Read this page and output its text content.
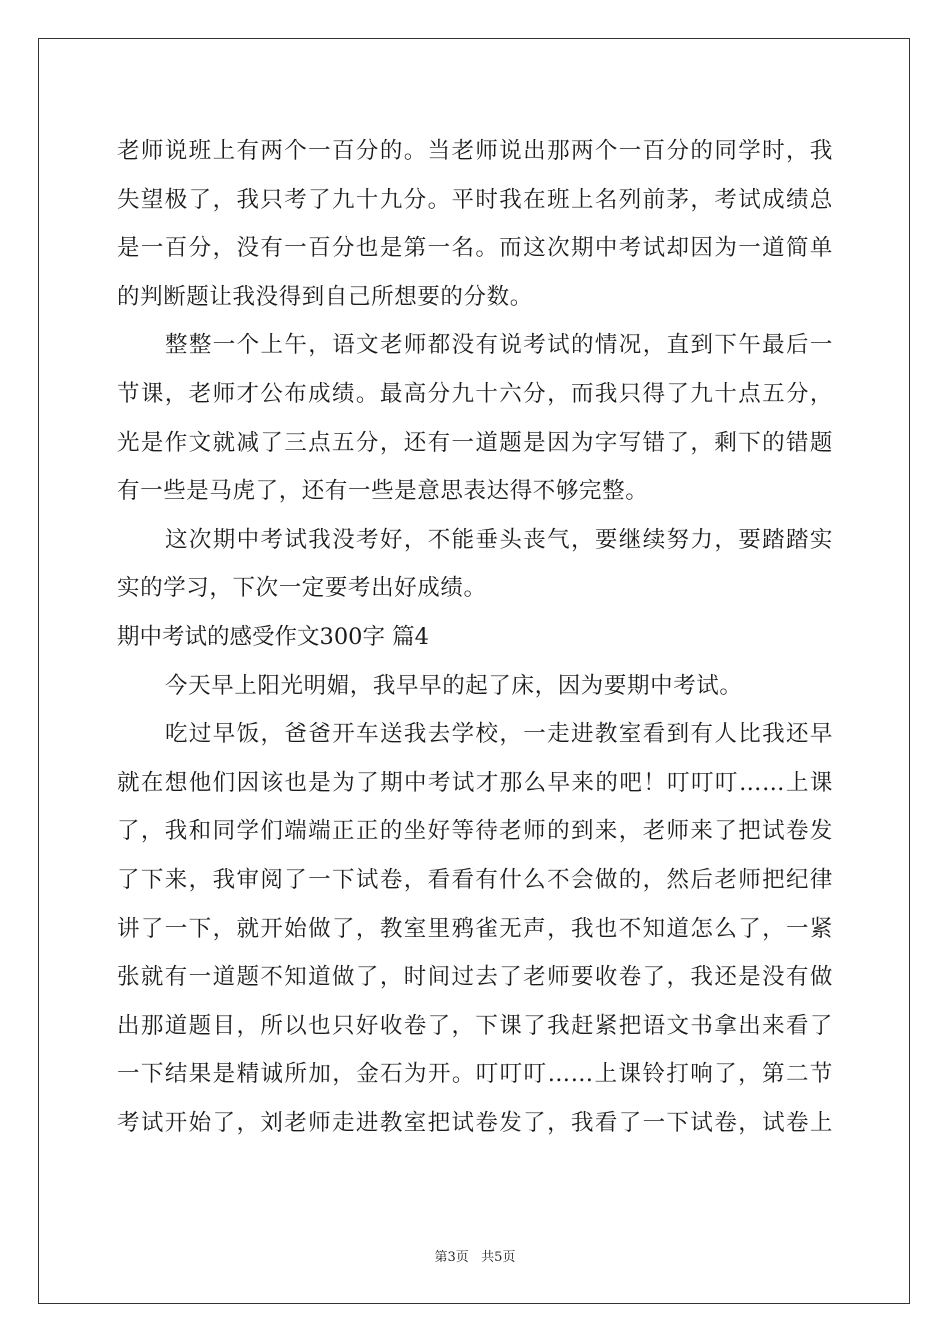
老师说班上有两个一百分的。当老师说出那两个一百分的同学时，我
失望极了，我只考了九十九分。平时我在班上名列前茅，考试成绩总
是一百分，没有一百分也是第一名。而这次期中考试却因为一道简单
的判断题让我没得到自己所想要的分数。
整整一个上午，语文老师都没有说考试的情况，直到下午最后一
节课，老师才公布成绩。最高分九十六分，而我只得了九十点五分，
光是作文就减了三点五分，还有一道题是因为字写错了，剩下的错题
有一些是马虎了，还有一些是意思表达得不够完整。
这次期中考试我没考好，不能垂头丧气，要继续努力，要踏踏实
实的学习，下次一定要考出好成绩。
期中考试的感受作文300字 篇4
今天早上阳光明媚，我早早的起了床，因为要期中考试。
吃过早饭，爸爸开车送我去学校，一走进教室看到有人比我还早
就在想他们因该也是为了期中考试才那么早来的吧！叮叮叮……上课
了，我和同学们端端正正的坐好等待老师的到来，老师来了把试卷发
了下来，我审阅了一下试卷，看看有什么不会做的，然后老师把纪律
讲了一下，就开始做了，教室里鸦雀无声，我也不知道怎么了，一紧
张就有一道题不知道做了，时间过去了老师要收卷了，我还是没有做
出那道题目，所以也只好收卷了，下课了我赶紧把语文书拿出来看了
一下结果是精诚所加，金石为开。叮叮叮……上课铃打响了，第二节
考试开始了，刘老师走进教室把试卷发了，我看了一下试卷，试卷上
第3页   共5页
